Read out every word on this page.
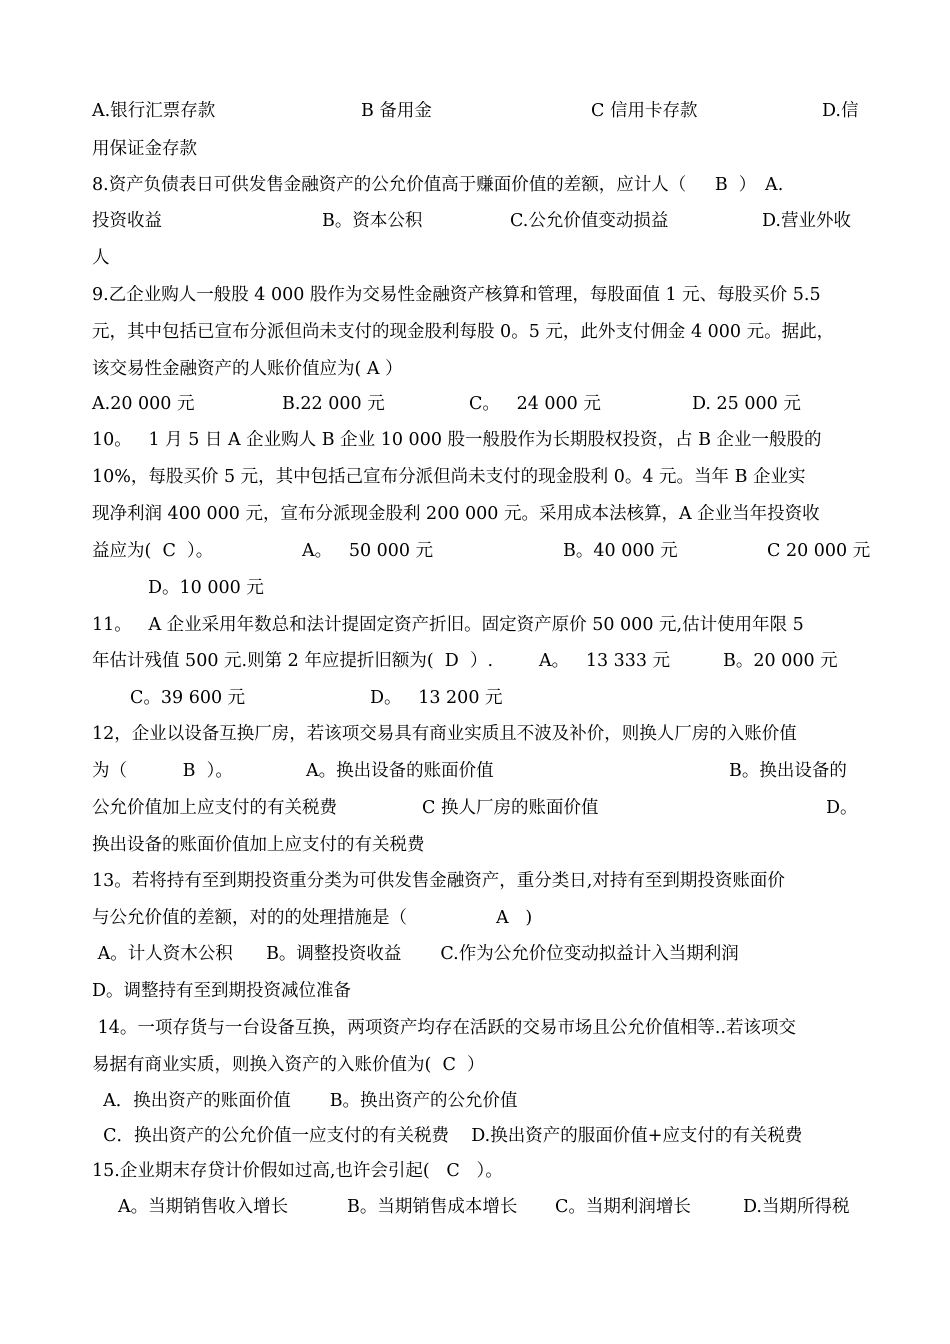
A.银行汇票存款	B 备用金	C 信用卡存款	D.信
用保证金存款
8.资产负债表日可供发售金融资产的公允价值高于赚面价值的差额，应计人（　  B  ）　A.
投资收益	B。资本公积	C.公允价值变动损益	D.营业外收
人
9.乙企业购人一般股 4 000 股作为交易性金融资产核算和管理，每股面值 1 元、每股买价 5.5
元，其中包括已宣布分派但尚未支付的现金股利每股 0。5 元，此外支付佣金 4 000 元。据此，
该交易性金融资产的人账价值应为( A ）
A.20 000 元	B.22 000 元	C。   24 000 元	D. 25 000 元
10。   1 月 5 日 A 企业购人 B 企业 10 000 股一般股作为长期股权投资，占 B 企业一般股的
10%，每股买价 5 元，其中包括己宣布分派但尚未支付的现金股利 0。4 元。当年 B 企业实
现净利润 400 000 元，宣布分派现金股利 200 000 元。采用成本法核算，A 企业当年投资收
益应为(  C  ）。	A。   50 000 元	B。40 000 元	C 20 000 元
D。10 000 元
11。   A 企业采用年数总和法计提固定资产折旧。固定资产原价 50 000 元,估计使用年限 5
年估计残值 500 元.则第 2 年应提折旧额为(  D  ）.	A。   13 333 元	B。20 000 元
C。39 600 元	D。   13 200 元
12，企业以设备互换厂房，若该项交易具有商业实质且不波及补价，则换人厂房的入账价值
为（          B  ）。	A。换出设备的账面价值	B。换出设备的
公允价值加上应支付的有关税费	C 换人厂房的账面价值	D。
换出设备的账面价值加上应支付的有关税费
13。若将持有至到期投资重分类为可供发售金融资产，重分类日,对持有至到期投资账面价
与公允价值的差额，对的的处理措施是（                A   )
A。计人资木公积      B。调整投资收益       C.作为公允价位变动拟益计入当期利润
D。调整持有至到期投资减位准备
14。一项存货与一台设备互换，两项资产均存在活跃的交易市场且公允价值相等..若该项交
易据有商业实质，则换入资产的入账价值为(  C  ）
A．换出资产的账面价值       B。换出资产的公允价值
C．换出资产的公允价值一应支付的有关税费    D.换出资产的服面价值+应支付的有关税费
15.企业期末存贷计价假如过高,也许会引起(   C   ）。
A。当期销售收入增长	B。当期销售成本增长 C。当期利润增长	D.当期所得税
